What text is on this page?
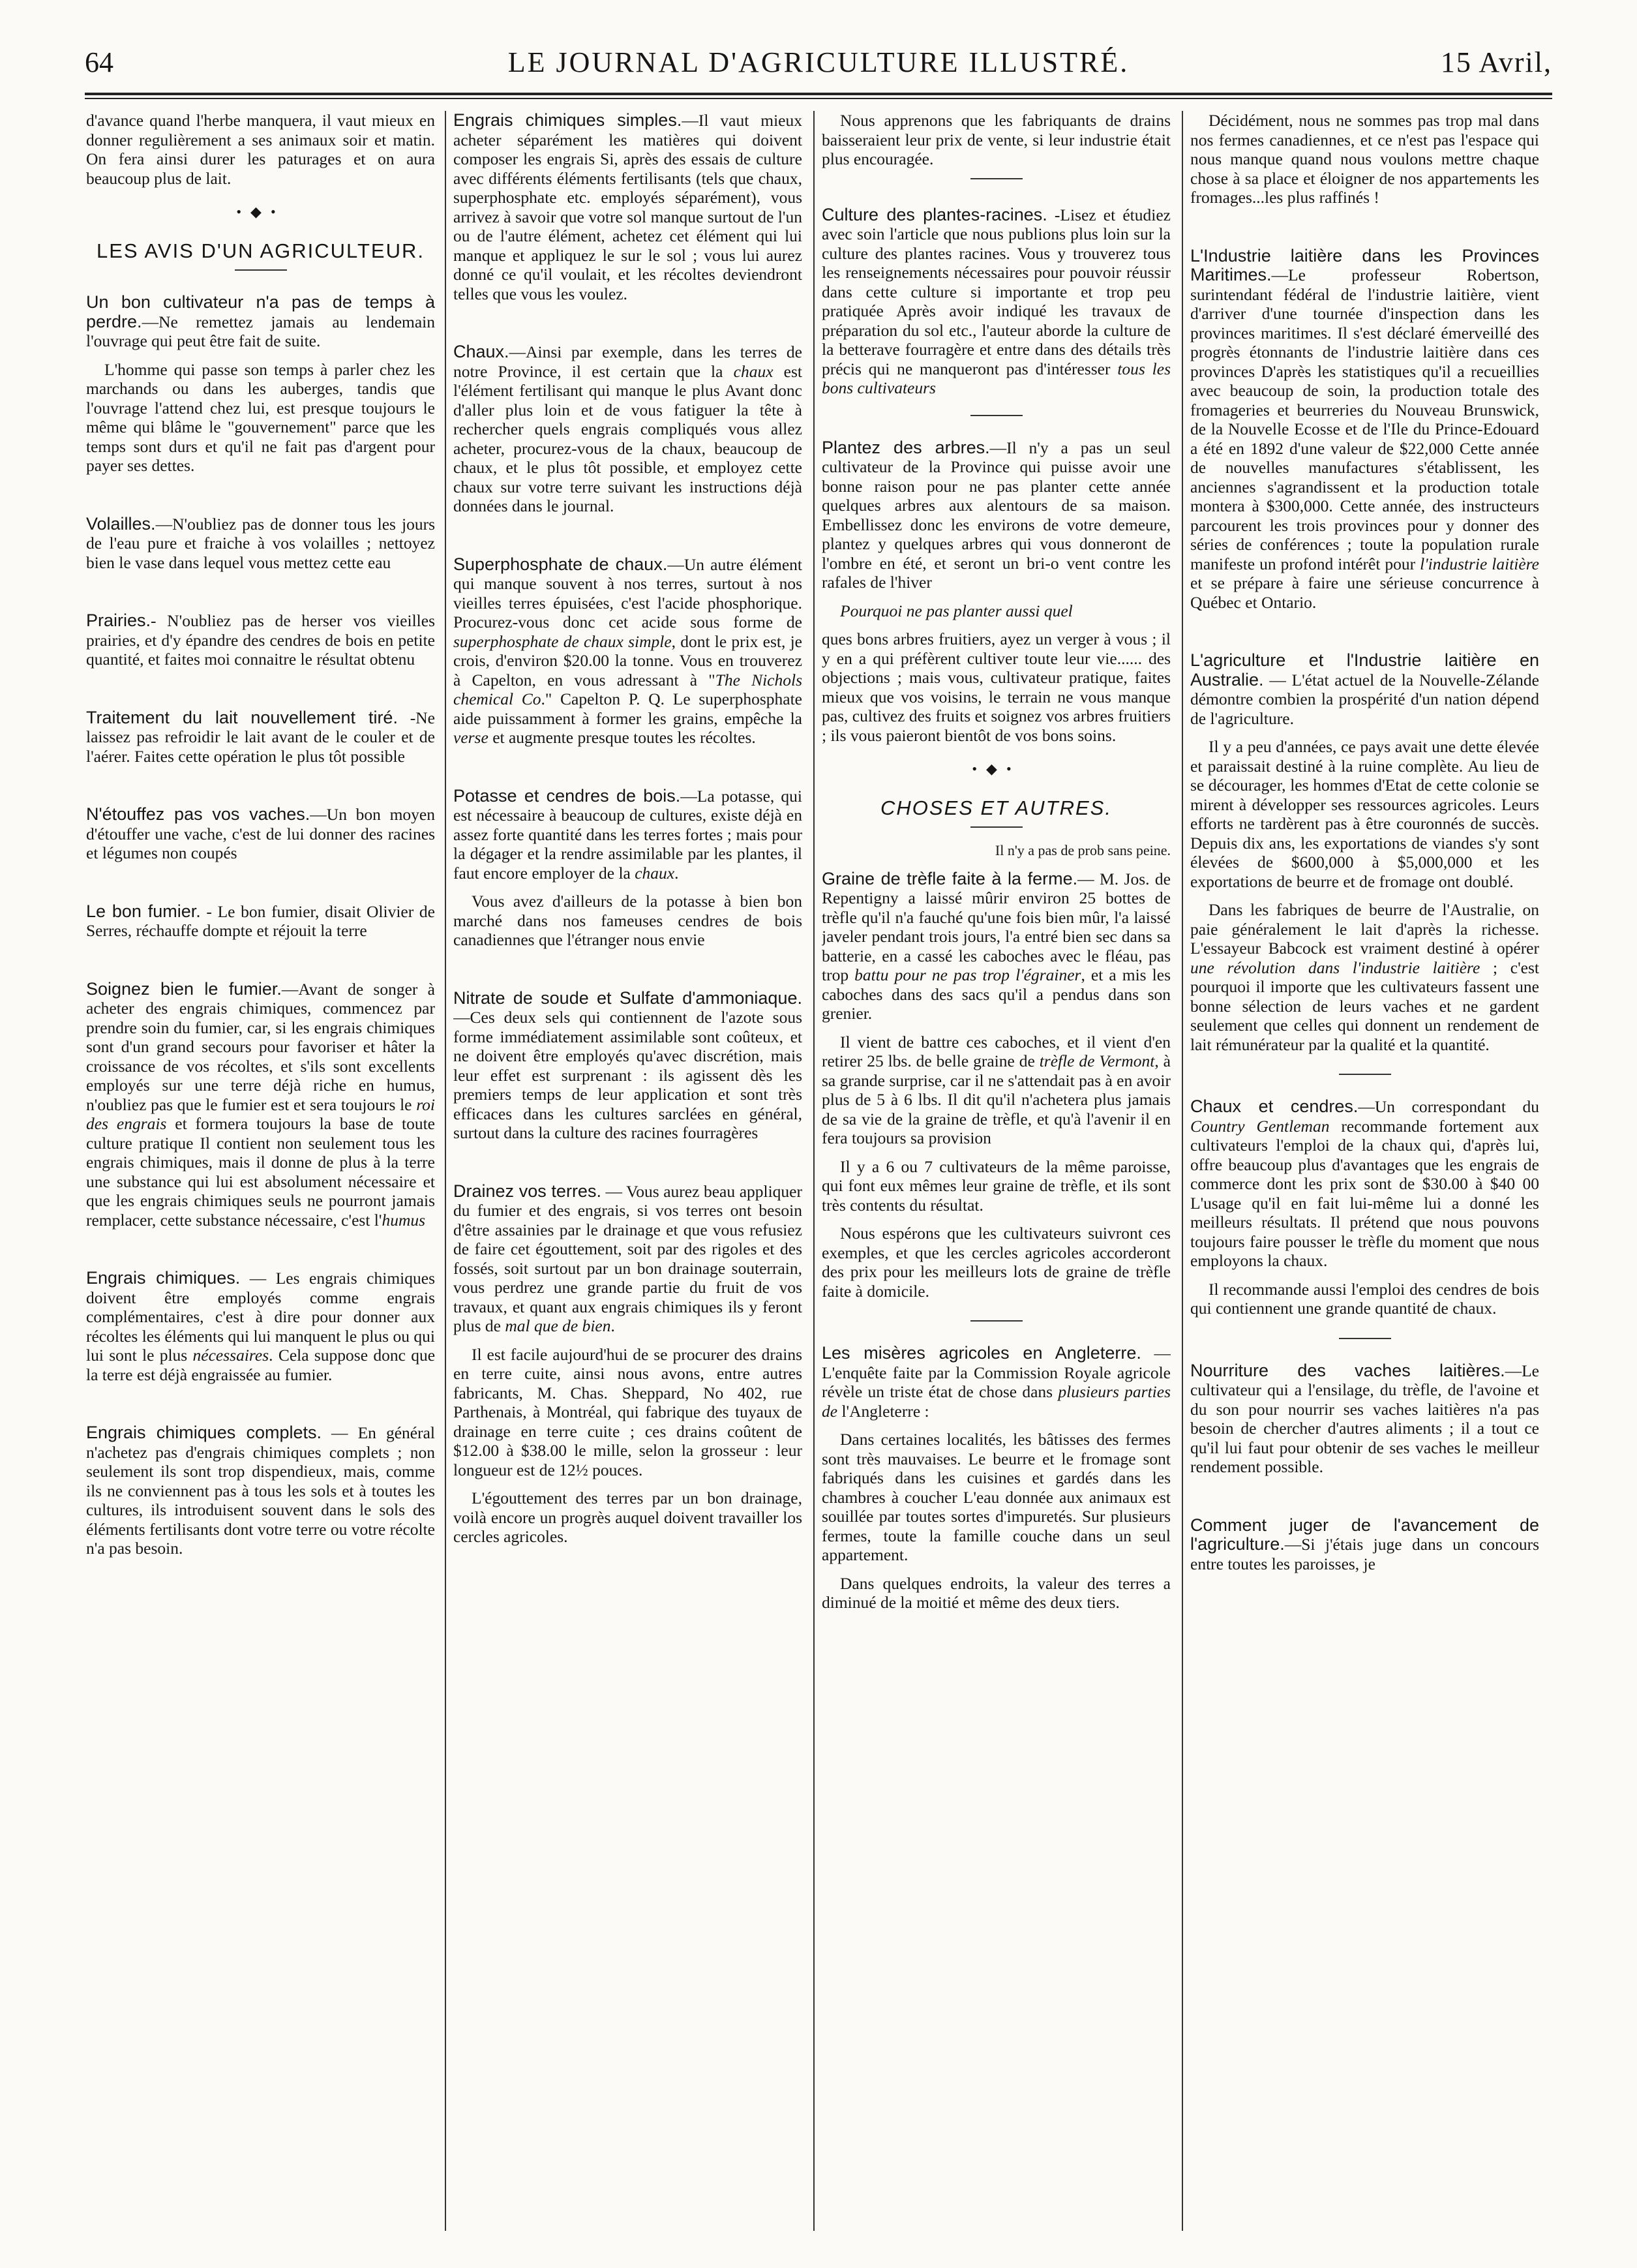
64	LE JOURNAL D'AGRICULTURE ILLUSTRÉ.	15 Avril,

d'avance quand l'herbe manquera, il vaut mieux en donner regulièrement a ses animaux soir et matin. On fera ainsi durer les paturages et on aura beaucoup plus de lait.

•◆•
LES AVIS D'UN AGRICULTEUR.

Un bon cultivateur n'a pas de temps à perdre.—Ne remettez jamais au lendemain l'ouvrage qui peut être fait de suite.

L'homme qui passe son temps à parler chez les marchands ou dans les auberges, tandis que l'ouvrage l'attend chez lui, est presque toujours le même qui blâme le "gouvernement" parce que les temps sont durs et qu'il ne fait pas d'argent pour payer ses dettes.

Volailles.—N'oubliez pas de donner tous les jours de l'eau pure et fraiche à vos volailles ; nettoyez bien le vase dans lequel vous mettez cette eau

Prairies.- N'oubliez pas de herser vos vieilles prairies, et d'y épandre des cendres de bois en petite quantité, et faites moi connaitre le résultat obtenu

Traitement du lait nouvellement tiré. -Ne laissez pas refroidir le lait avant de le couler et de l'aérer. Faites cette opération le plus tôt possible

N'étouffez pas vos vaches.—Un bon moyen d'étouffer une vache, c'est de lui donner des racines et légumes non coupés

Le bon fumier. - Le bon fumier, disait Olivier de Serres, réchauffe dompte et réjouit la terre

Soignez bien le fumier.—Avant de songer à acheter des engrais chimiques, commencez par prendre soin du fumier, car, si les engrais chimiques sont d'un grand secours pour favoriser et hâter la croissance de vos récoltes, et s'ils sont excellents employés sur une terre déjà riche en humus, n'oubliez pas que le fumier est et sera toujours le roi des engrais et formera toujours la base de toute culture pratique Il contient non seulement tous les engrais chimiques, mais il donne de plus à la terre une substance qui lui est absolument nécessaire et que les engrais chimiques seuls ne pourront jamais remplacer, cette substance nécessaire, c'est l'humus

Engrais chimiques. — Les engrais chimiques doivent être employés comme engrais complémentaires, c'est à dire pour donner aux récoltes les éléments qui lui manquent le plus ou qui lui sont le plus nécessaires. Cela suppose donc que la terre est déjà engraissée au fumier.

Engrais chimiques complets. — En général n'achetez pas d'engrais chimiques complets ; non seulement ils sont trop dispendieux, mais, comme ils ne conviennent pas à tous les sols et à toutes les cultures, ils introduisent souvent dans le sols des éléments fertilisants dont votre terre ou votre récolte n'a pas besoin.

Engrais chimiques simples.—Il vaut mieux acheter séparément les matières qui doivent composer les engrais Si, après des essais de culture avec différents éléments fertilisants (tels que chaux, superphosphate etc. employés séparément), vous arrivez à savoir que votre sol manque surtout de l'un ou de l'autre élément, achetez cet élément qui lui manque et appliquez le sur le sol ; vous lui aurez donné ce qu'il voulait, et les récoltes deviendront telles que vous les voulez.

Chaux.—Ainsi par exemple, dans les terres de notre Province, il est certain que la chaux est l'élément fertilisant qui manque le plus Avant donc d'aller plus loin et de vous fatiguer la tête à rechercher quels engrais compliqués vous allez acheter, procurez-vous de la chaux, beaucoup de chaux, et le plus tôt possible, et employez cette chaux sur votre terre suivant les instructions déjà données dans le journal.

Superphosphate de chaux.—Un autre élément qui manque souvent à nos terres, surtout à nos vieilles terres épuisées, c'est l'acide phosphorique. Procurez-vous donc cet acide sous forme de superphosphate de chaux simple, dont le prix est, je crois, d'environ $20.00 la tonne. Vous en trouverez à Capelton, en vous adressant à "The Nichols chemical Co." Capelton P. Q. Le superphosphate aide puissamment à former les grains, empêche la verse et augmente presque toutes les récoltes.

Potasse et cendres de bois.—La potasse, qui est nécessaire à beaucoup de cultures, existe déjà en assez forte quantité dans les terres fortes ; mais pour la dégager et la rendre assimilable par les plantes, il faut encore employer de la chaux.

Vous avez d'ailleurs de la potasse à bien bon marché dans nos fameuses cendres de bois canadiennes que l'étranger nous envie

Nitrate de soude et Sulfate d'ammoniaque.—Ces deux sels qui contiennent de l'azote sous forme immédiatement assimilable sont coûteux, et ne doivent être employés qu'avec discrétion, mais leur effet est surprenant : ils agissent dès les premiers temps de leur application et sont très efficaces dans les cultures sarclées en général, surtout dans la culture des racines fourragères

Drainez vos terres. — Vous aurez beau appliquer du fumier et des engrais, si vos terres ont besoin d'être assainies par le drainage et que vous refusiez de faire cet égouttement, soit par des rigoles et des fossés, soit surtout par un bon drainage souterrain, vous perdrez une grande partie du fruit de vos travaux, et quant aux engrais chimiques ils y feront plus de mal que de bien.

Il est facile aujourd'hui de se procurer des drains en terre cuite, ainsi nous avons, entre autres fabricants, M. Chas. Sheppard, No 402, rue Parthenais, à Montréal, qui fabrique des tuyaux de drainage en terre cuite ; ces drains coûtent de $12.00 à $38.00 le mille, selon la grosseur : leur longueur est de 12½ pouces.

L'égouttement des terres par un bon drainage, voilà encore un progrès auquel doivent travailler los cercles agricoles.

Nous apprenons que les fabriquants de drains baisseraient leur prix de vente, si leur industrie était plus encouragée.

Culture des plantes-racines. -Lisez et étudiez avec soin l'article que nous publions plus loin sur la culture des plantes racines. Vous y trouverez tous les renseignements nécessaires pour pouvoir réussir dans cette culture si importante et trop peu pratiquée Après avoir indiqué les travaux de préparation du sol etc., l'auteur aborde la culture de la betterave fourragère et entre dans des détails très précis qui ne manqueront pas d'intéresser tous les bons cultivateurs

Plantez des arbres.—Il n'y a pas un seul cultivateur de la Province qui puisse avoir une bonne raison pour ne pas planter cette année quelques arbres aux alentours de sa maison. Embellissez donc les environs de votre demeure, plantez y quelques arbres qui vous donneront de l'ombre en été, et seront un bri-o vent contre les rafales de l'hiver

Pourquoi ne pas planter aussi quel

ques bons arbres fruitiers, ayez un verger à vous ; il y en a qui préfèrent cultiver toute leur vie...... des objections ; mais vous, cultivateur pratique, faites mieux que vos voisins, le terrain ne vous manque pas, cultivez des fruits et soignez vos arbres fruitiers ; ils vous paieront bientôt de vos bons soins.

•◆•
CHOSES ET AUTRES.
Il n'y a pas de prob sans peine.

Graine de trèfle faite à la ferme.— M. Jos. de Repentigny a laissé mûrir environ 25 bottes de trèfle qu'il n'a fauché qu'une fois bien mûr, l'a laissé javeler pendant trois jours, l'a entré bien sec dans sa batterie, en a cassé les caboches avec le fléau, pas trop battu pour ne pas trop l'égrainer, et a mis les caboches dans des sacs qu'il a pendus dans son grenier.

Il vient de battre ces caboches, et il vient d'en retirer 25 lbs. de belle graine de trèfle de Vermont, à sa grande surprise, car il ne s'attendait pas à en avoir plus de 5 à 6 lbs. Il dit qu'il n'achetera plus jamais de sa vie de la graine de trèfle, et qu'à l'avenir il en fera toujours sa provision

Il y a 6 ou 7 cultivateurs de la même paroisse, qui font eux mêmes leur graine de trèfle, et ils sont très contents du résultat.

Nous espérons que les cultivateurs suivront ces exemples, et que les cercles agricoles accorderont des prix pour les meilleurs lots de graine de trèfle faite à domicile.

Les misères agricoles en Angleterre. —L'enquête faite par la Commission Royale agricole révèle un triste état de chose dans plusieurs parties de l'Angleterre :

Dans certaines localités, les bâtisses des fermes sont très mauvaises. Le beurre et le fromage sont fabriqués dans les cuisines et gardés dans les chambres à coucher L'eau donnée aux animaux est souillée par toutes sortes d'impuretés. Sur plusieurs fermes, toute la famille couche dans un seul appartement.

Dans quelques endroits, la valeur des terres a diminué de la moitié et même des deux tiers.

Décidément, nous ne sommes pas trop mal dans nos fermes canadiennes, et ce n'est pas l'espace qui nous manque quand nous voulons mettre chaque chose à sa place et éloigner de nos appartements les fromages...les plus raffinés !

L'Industrie laitière dans les Provinces Maritimes.—Le professeur Robertson, surintendant fédéral de l'industrie laitière, vient d'arriver d'une tournée d'inspection dans les provinces maritimes. Il s'est déclaré émerveillé des progrès étonnants de l'industrie laitière dans ces provinces D'après les statistiques qu'il a recueillies avec beaucoup de soin, la production totale des fromageries et beurreries du Nouveau Brunswick, de la Nouvelle Ecosse et de l'Ile du Prince-Edouard a été en 1892 d'une valeur de $22,000 Cette année de nouvelles manufactures s'établissent, les anciennes s'agrandissent et la production totale montera à $300,000. Cette année, des instructeurs parcourent les trois provinces pour y donner des séries de conférences ; toute la population rurale manifeste un profond intérêt pour l'industrie laitière et se prépare à faire une sérieuse concurrence à Québec et Ontario.

L'agriculture et l'Industrie laitière en Australie. — L'état actuel de la Nouvelle-Zélande démontre combien la prospérité d'un nation dépend de l'agriculture.

Il y a peu d'années, ce pays avait une dette élevée et paraissait destiné à la ruine complète. Au lieu de se décourager, les hommes d'Etat de cette colonie se mirent à développer ses ressources agricoles. Leurs efforts ne tardèrent pas à être couronnés de succès. Depuis dix ans, les exportations de viandes s'y sont élevées de $600,000 à $5,000,000 et les exportations de beurre et de fromage ont doublé.

Dans les fabriques de beurre de l'Australie, on paie généralement le lait d'après la richesse. L'essayeur Babcock est vraiment destiné à opérer une révolution dans l'industrie laitière ; c'est pourquoi il importe que les cultivateurs fassent une bonne sélection de leurs vaches et ne gardent seulement que celles qui donnent un rendement de lait rémunérateur par la qualité et la quantité.

Chaux et cendres.—Un correspondant du Country Gentleman recommande fortement aux cultivateurs l'emploi de la chaux qui, d'après lui, offre beaucoup plus d'avantages que les engrais de commerce dont les prix sont de $30.00 à $40 00 L'usage qu'il en fait lui-même lui a donné les meilleurs résultats. Il prétend que nous pouvons toujours faire pousser le trèfle du moment que nous employons la chaux.

Il recommande aussi l'emploi des cendres de bois qui contiennent une grande quantité de chaux.

Nourriture des vaches laitières.—Le cultivateur qui a l'ensilage, du trèfle, de l'avoine et du son pour nourrir ses vaches laitières n'a pas besoin de chercher d'autres aliments ; il a tout ce qu'il lui faut pour obtenir de ses vaches le meilleur rendement possible.

Comment juger de l'avancement de l'agriculture.—Si j'étais juge dans un concours entre toutes les paroisses, je
